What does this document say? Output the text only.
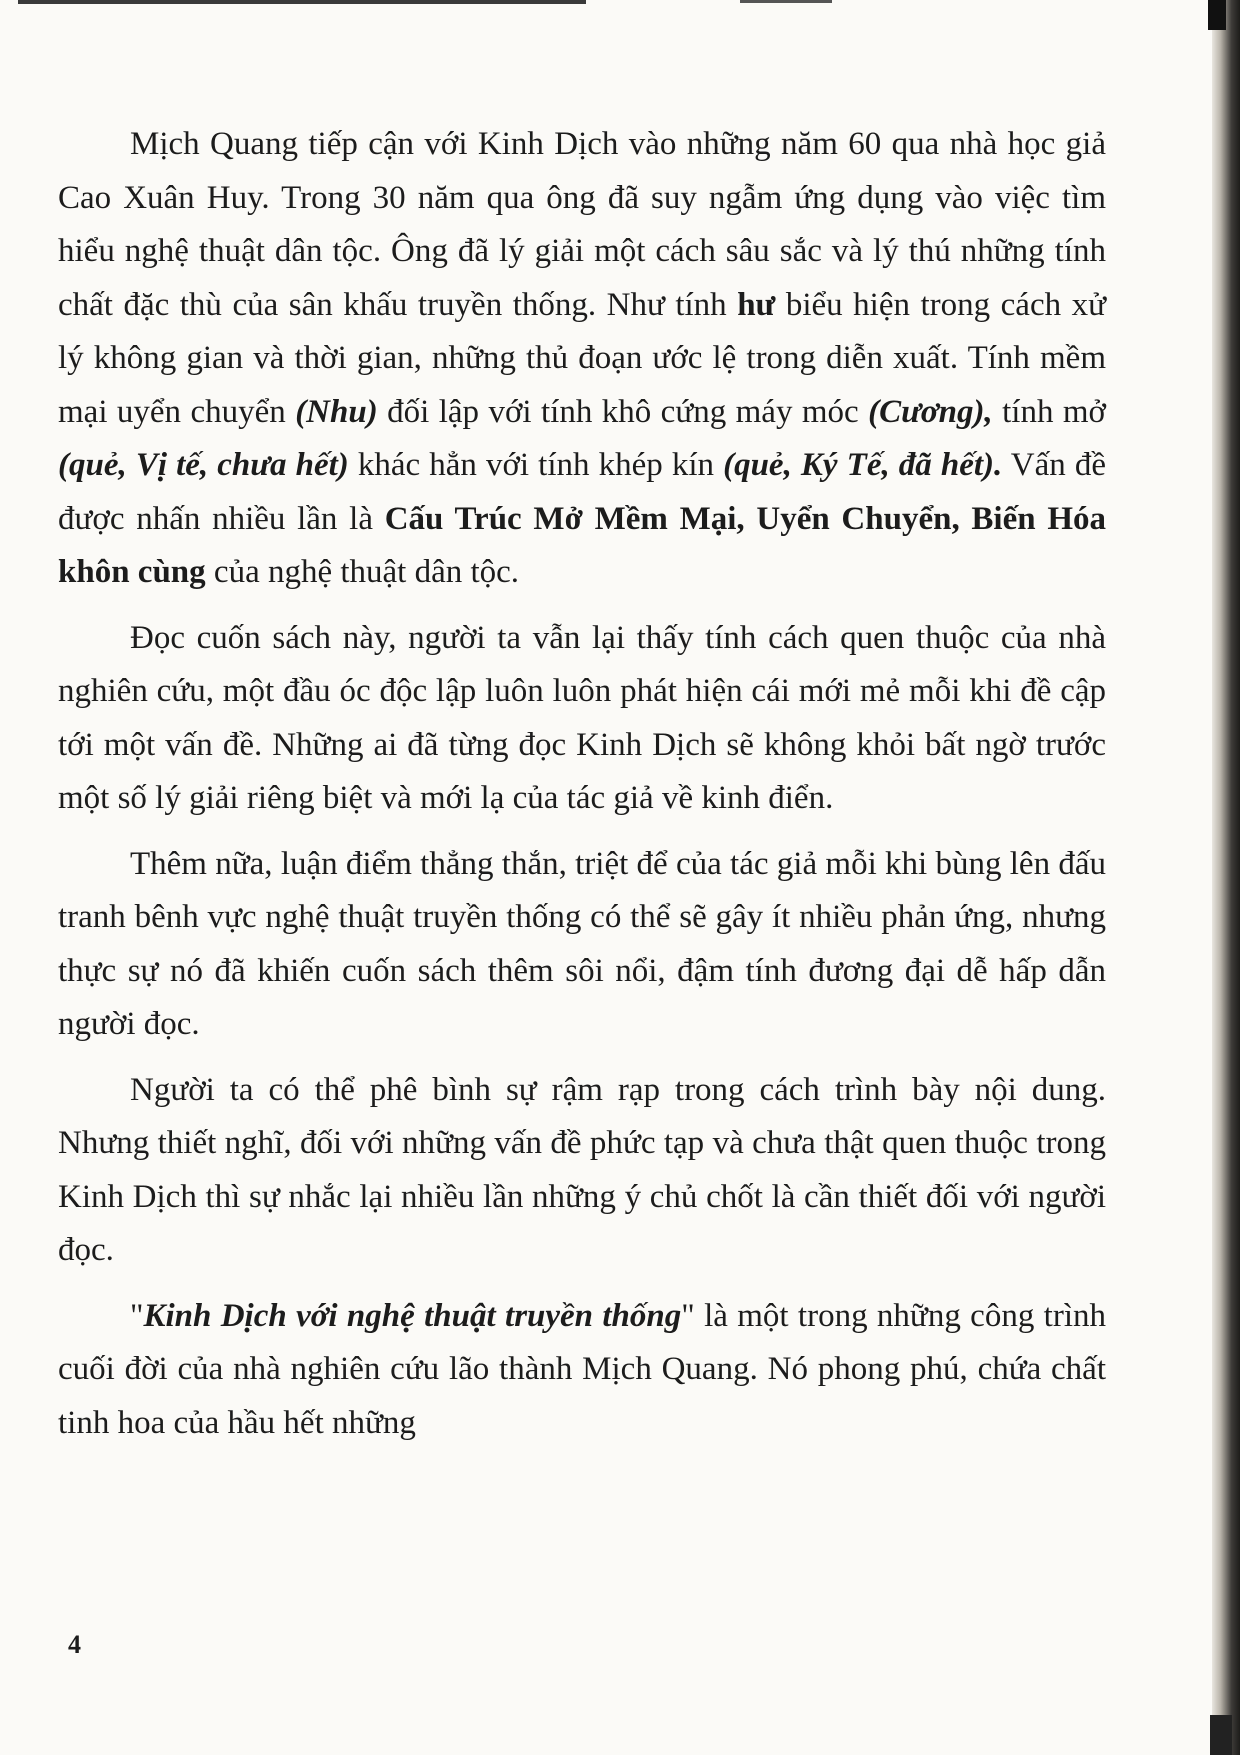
Mịch Quang tiếp cận với Kinh Dịch vào những năm 60 qua nhà học giả Cao Xuân Huy. Trong 30 năm qua ông đã suy ngẫm ứng dụng vào việc tìm hiểu nghệ thuật dân tộc. Ông đã lý giải một cách sâu sắc và lý thú những tính chất đặc thù của sân khấu truyền thống. Như tính hư biểu hiện trong cách xử lý không gian và thời gian, những thủ đoạn ước lệ trong diễn xuất. Tính mềm mại uyển chuyển (Nhu) đối lập với tính khô cứng máy móc (Cương), tính mở (quẻ, Vị tế, chưa hết) khác hẳn với tính khép kín (quẻ, Ký Tế, đã hết). Vấn đề được nhấn nhiều lần là Cấu Trúc Mở Mềm Mại, Uyển Chuyển, Biến Hóa khôn cùng của nghệ thuật dân tộc.

Đọc cuốn sách này, người ta vẫn lại thấy tính cách quen thuộc của nhà nghiên cứu, một đầu óc độc lập luôn luôn phát hiện cái mới mẻ mỗi khi đề cập tới một vấn đề. Những ai đã từng đọc Kinh Dịch sẽ không khỏi bất ngờ trước một số lý giải riêng biệt và mới lạ của tác giả về kinh điển.

Thêm nữa, luận điểm thẳng thắn, triệt để của tác giả mỗi khi bùng lên đấu tranh bênh vực nghệ thuật truyền thống có thể sẽ gây ít nhiều phản ứng, nhưng thực sự nó đã khiến cuốn sách thêm sôi nổi, đậm tính đương đại dễ hấp dẫn người đọc.

Người ta có thể phê bình sự rậm rạp trong cách trình bày nội dung. Nhưng thiết nghĩ, đối với những vấn đề phức tạp và chưa thật quen thuộc trong Kinh Dịch thì sự nhắc lại nhiều lần những ý chủ chốt là cần thiết đối với người đọc.

"Kinh Dịch với nghệ thuật truyền thống" là một trong những công trình cuối đời của nhà nghiên cứu lão thành Mịch Quang. Nó phong phú, chứa chất tinh hoa của hầu hết những

4
